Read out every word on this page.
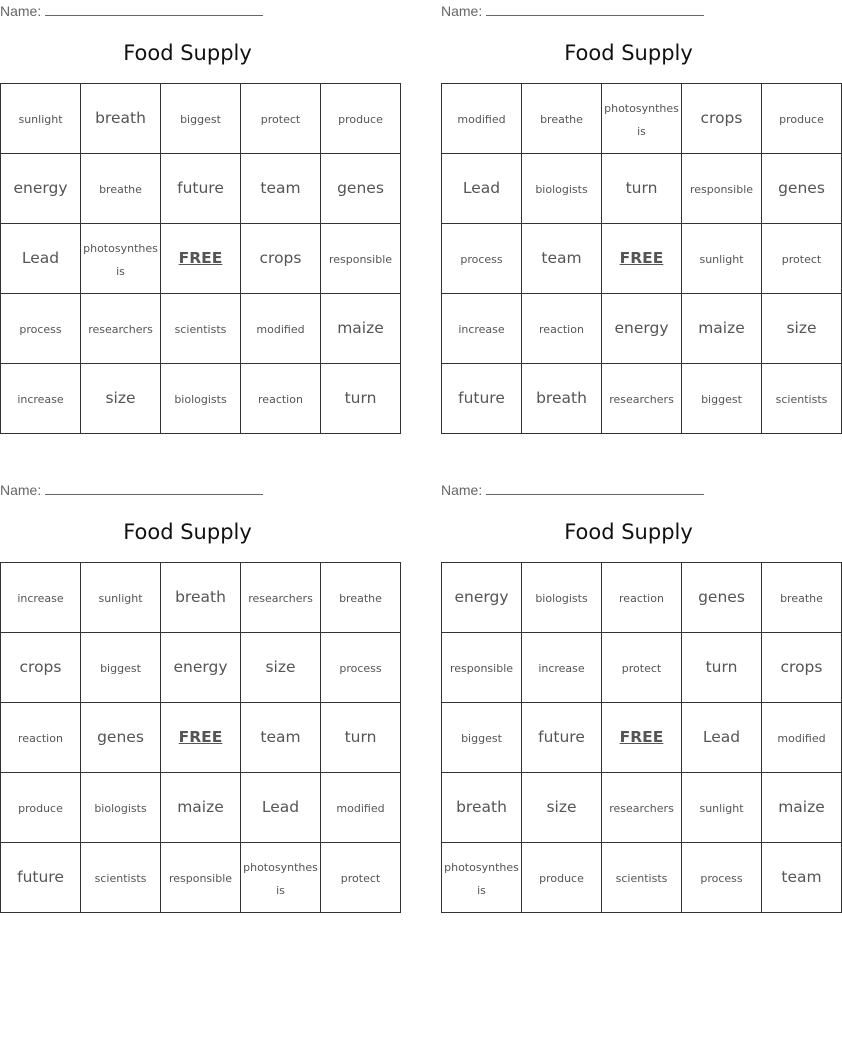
Name:
Food Supply
sunlight	breath	biggest	protect	produce
energy	breathe	future	team	genes
Lead	photosynthesis	FREE	crops	responsible
process	researchers	scientists	modified	maize
increase	size	biologists	reaction	turn
Name:
Food Supply
modified	breathe	photosynthesis	crops	produce
Lead	biologists	turn	responsible	genes
process	team	FREE	sunlight	protect
increase	reaction	energy	maize	size
future	breath	researchers	biggest	scientists
Name:
Food Supply
increase	sunlight	breath	researchers	breathe
crops	biggest	energy	size	process
reaction	genes	FREE	team	turn
produce	biologists	maize	Lead	modified
future	scientists	responsible	photosynthesis	protect
Name:
Food Supply
energy	biologists	reaction	genes	breathe
responsible	increase	protect	turn	crops
biggest	future	FREE	Lead	modified
breath	size	researchers	sunlight	maize
photosynthesis	produce	scientists	process	team
